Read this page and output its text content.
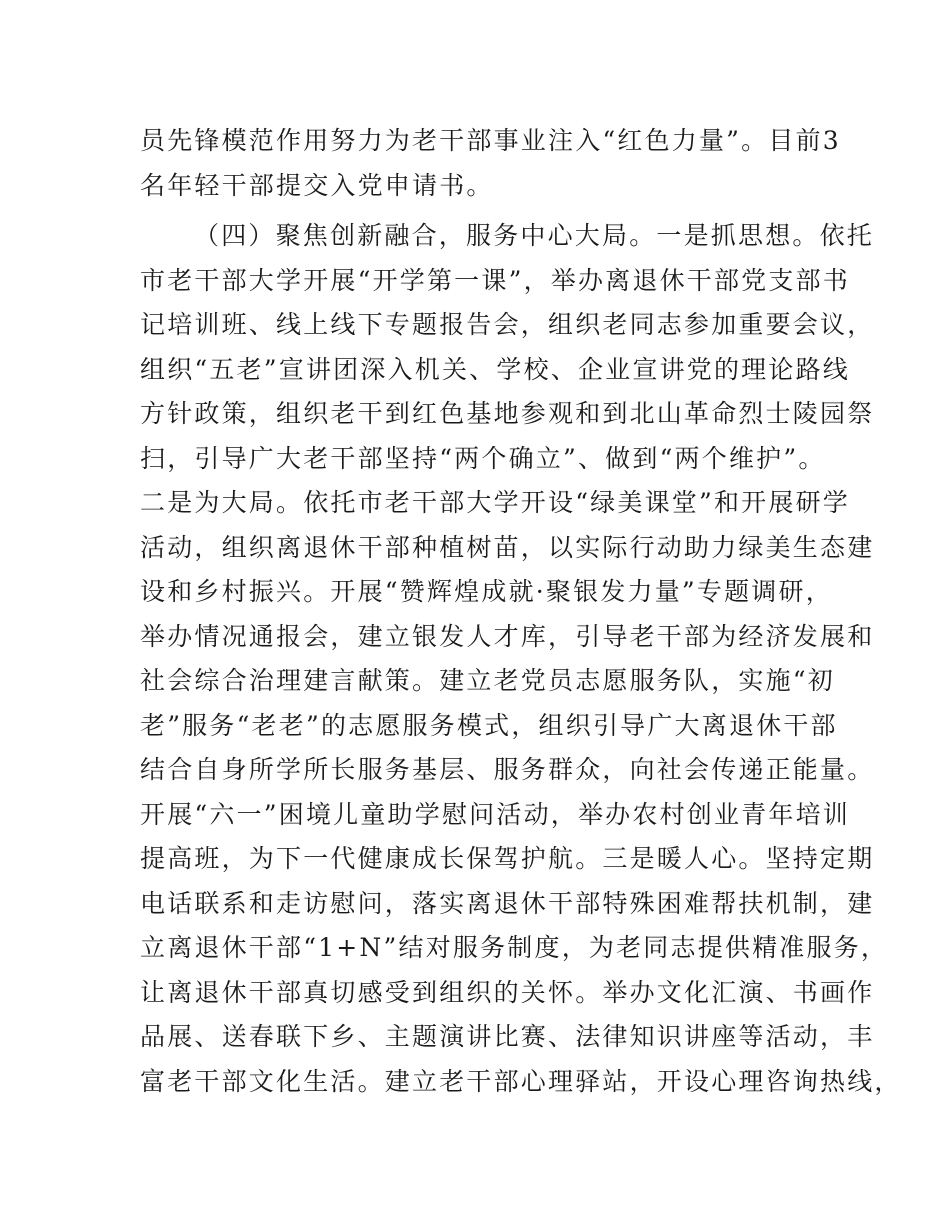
员先锋模范作用努力为老干部事业注入“红色力量”。目前3
名年轻干部提交入党申请书。
（四）聚焦创新融合，服务中心大局。一是抓思想。依托
市老干部大学开展“开学第一课”，举办离退休干部党支部书
记培训班、线上线下专题报告会，组织老同志参加重要会议，
组织“五老”宣讲团深入机关、学校、企业宣讲党的理论路线
方针政策，组织老干到红色基地参观和到北山革命烈士陵园祭
扫，引导广大老干部坚持“两个确立”、做到“两个维护”。
二是为大局。依托市老干部大学开设“绿美课堂”和开展研学
活动，组织离退休干部种植树苗，以实际行动助力绿美生态建
设和乡村振兴。开展“赞辉煌成就·聚银发力量”专题调研，
举办情况通报会，建立银发人才库，引导老干部为经济发展和
社会综合治理建言献策。建立老党员志愿服务队，实施“初
老”服务“老老”的志愿服务模式，组织引导广大离退休干部
结合自身所学所长服务基层、服务群众，向社会传递正能量。
开展“六一”困境儿童助学慰问活动，举办农村创业青年培训
提高班，为下一代健康成长保驾护航。三是暖人心。坚持定期
电话联系和走访慰问，落实离退休干部特殊困难帮扶机制，建
立离退休干部“1+N”结对服务制度，为老同志提供精准服务，
让离退休干部真切感受到组织的关怀。举办文化汇演、书画作
品展、送春联下乡、主题演讲比赛、法律知识讲座等活动，丰
富老干部文化生活。建立老干部心理驿站，开设心理咨询热线，
